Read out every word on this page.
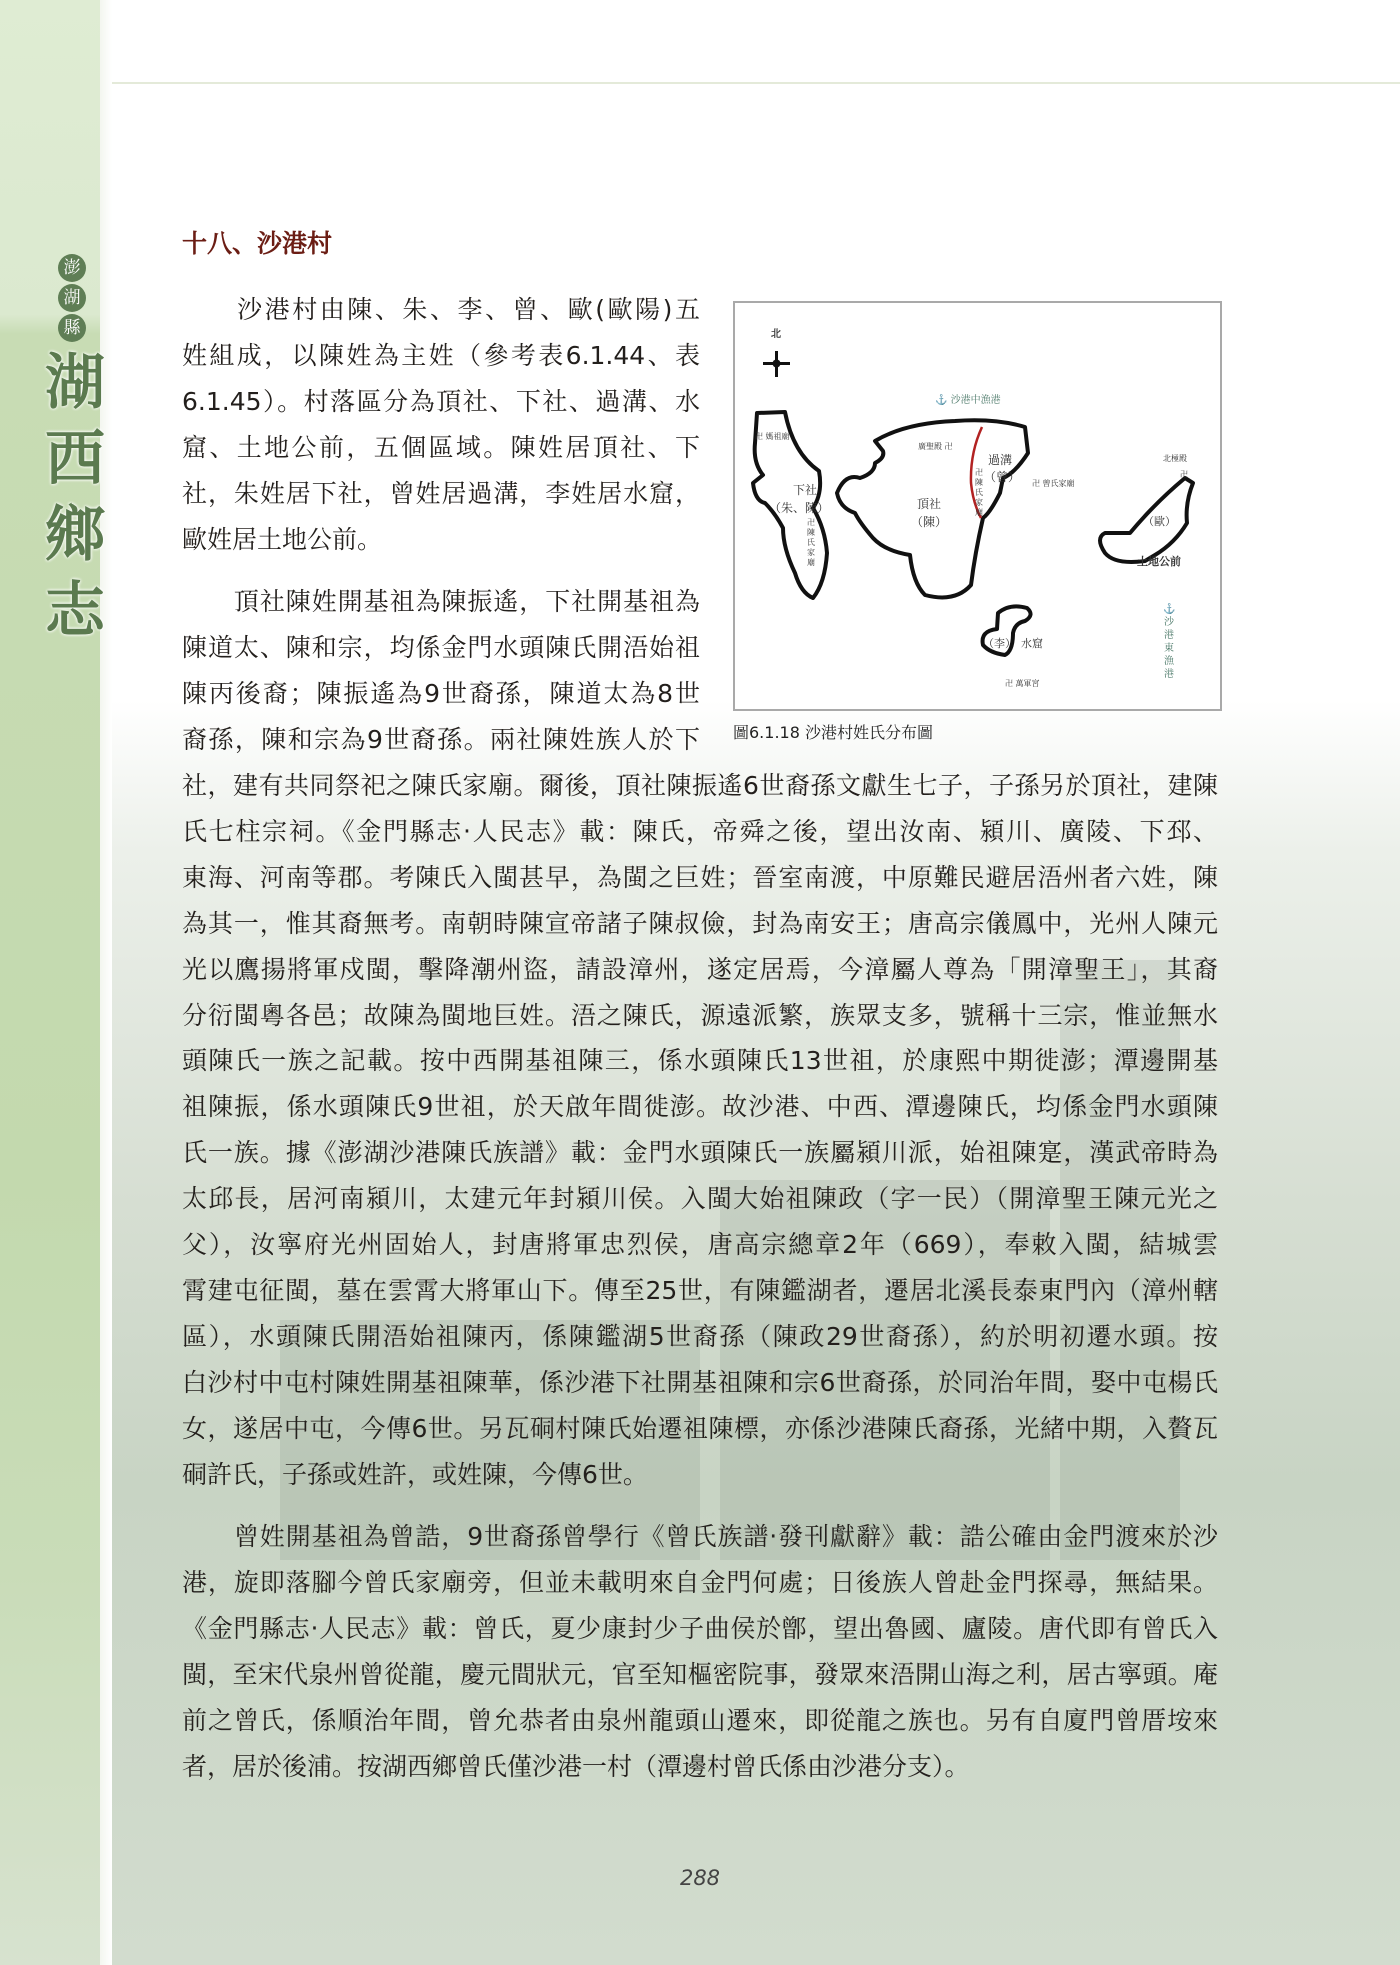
澎
湖
縣
湖
西
鄉
志
十八、沙港村
　　沙港村由陳、朱、李、曾、歐(歐陽)五
姓組成，以陳姓為主姓（參考表6.1.44、表
6.1.45）。村落區分為頂社、下社、過溝、水
窟、土地公前，五個區域。陳姓居頂社、下
社，朱姓居下社，曾姓居過溝，李姓居水窟，
歐姓居土地公前。
　　頂社陳姓開基祖為陳振遙，下社開基祖為
陳道太、陳和宗，均係金門水頭陳氏開浯始祖
陳丙後裔；陳振遙為9世裔孫，陳道太為8世
裔孫，陳和宗為9世裔孫。兩社陳姓族人於下
社，建有共同祭祀之陳氏家廟。爾後，頂社陳振遙6世裔孫文獻生七子，子孫另於頂社，建陳
氏七柱宗祠。《金門縣志‧人民志》載：陳氏，帝舜之後，望出汝南、潁川、廣陵、下邳、
東海、河南等郡。考陳氏入閩甚早，為閩之巨姓；晉室南渡，中原難民避居浯州者六姓，陳
為其一，惟其裔無考。南朝時陳宣帝諸子陳叔儉，封為南安王；唐高宗儀鳳中，光州人陳元
光以鷹揚將軍戍閩，擊降潮州盜，請設漳州，遂定居焉，今漳屬人尊為「開漳聖王」，其裔
分衍閩粵各邑；故陳為閩地巨姓。浯之陳氏，源遠派繁，族眾支多，號稱十三宗，惟並無水
頭陳氏一族之記載。按中西開基祖陳三，係水頭陳氏13世祖，於康熙中期徙澎；潭邊開基
祖陳振，係水頭陳氏9世祖，於天啟年間徙澎。故沙港、中西、潭邊陳氏，均係金門水頭陳
氏一族。據《澎湖沙港陳氏族譜》載：金門水頭陳氏一族屬潁川派，始祖陳寔，漢武帝時為
太邱長，居河南潁川，太建元年封潁川侯。入閩大始祖陳政（字一民）（開漳聖王陳元光之
父），汝寧府光州固始人，封唐將軍忠烈侯，唐高宗總章2年（669），奉敕入閩，結城雲
霄建屯征閩，墓在雲霄大將軍山下。傳至25世，有陳鑑湖者，遷居北溪長泰東門內（漳州轄
區），水頭陳氏開浯始祖陳丙，係陳鑑湖5世裔孫（陳政29世裔孫），約於明初遷水頭。按
白沙村中屯村陳姓開基祖陳華，係沙港下社開基祖陳和宗6世裔孫，於同治年間，娶中屯楊氏
女，遂居中屯，今傳6世。另瓦硐村陳氏始遷祖陳標，亦係沙港陳氏裔孫，光緒中期，入贅瓦
硐許氏，子孫或姓許，或姓陳，今傳6世。
　　曾姓開基祖為曾誥，9世裔孫曾學行《曾氏族譜‧發刊獻辭》載：誥公確由金門渡來於沙
港，旋即落腳今曾氏家廟旁，但並未載明來自金門何處；日後族人曾赴金門探尋，無結果。
《金門縣志‧人民志》載：曾氏，夏少康封少子曲侯於鄫，望出魯國、廬陵。唐代即有曾氏入
閩，至宋代泉州曾從龍，慶元間狀元，官至知樞密院事，發眾來浯開山海之利，居古寧頭。庵
前之曾氏，係順治年間，曾允恭者由泉州龍頭山遷來，即從龍之族也。另有自廈門曾厝垵來
者，居於後浦。按湖西鄉曾氏僅沙港一村（潭邊村曾氏係由沙港分支）。
北
⚓ 沙港中漁港
⚓沙港東漁港
卍 媽祖廟
廣聖殿 卍
卍陳氏家廟
卍陳氏家廟
卍 曾氏家廟
北極殿
卍
卍 萬軍宮
下社
（朱、陳）	頂社
（陳）
過溝
（曾）
（歐）
土地公前
（李） 水窟
圖6.1.18 沙港村姓氏分布圖
288
